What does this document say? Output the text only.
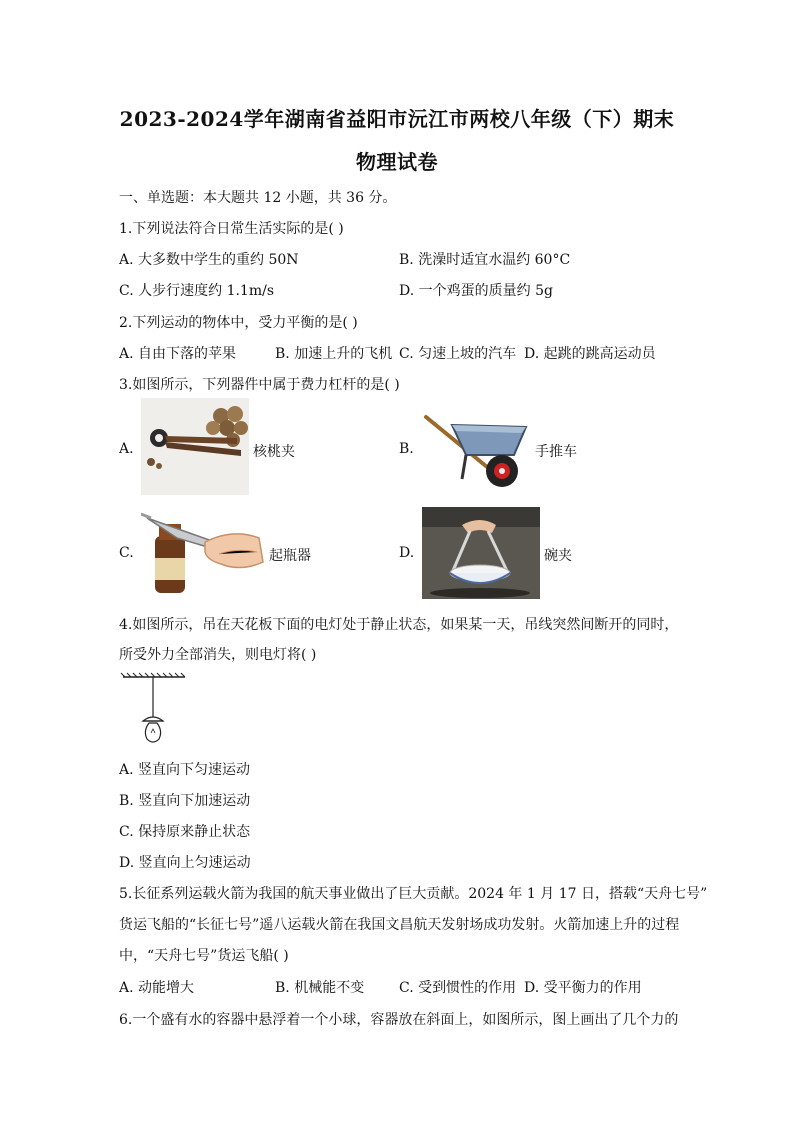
2023-2024学年湖南省益阳市沅江市两校八年级（下）期末
物理试卷
一、单选题：本大题共 12 小题，共 36 分。
1.下列说法符合日常生活实际的是( )
A. 大多数中学生的重约 50N	B. 洗澡时适宜水温约 60°C
C. 人步行速度约 1.1m/s	D. 一个鸡蛋的质量约 5g
2.下列运动的物体中，受力平衡的是( )
A. 自由下落的苹果	B. 加速上升的飞机 C. 匀速上坡的汽车 D. 起跳的跳高运动员
3.如图所示，下列器件中属于费力杠杆的是( )
A.	核桃夹	B.	手推车
C.	起瓶器	D.	碗夹
4.如图所示，吊在天花板下面的电灯处于静止状态，如果某一天，吊线突然间断开的同时，
所受外力全部消失，则电灯将( )
A. 竖直向下匀速运动
B. 竖直向下加速运动
C. 保持原来静止状态
D. 竖直向上匀速运动
5.长征系列运载火箭为我国的航天事业做出了巨大贡献。2024 年 1 月 17 日，搭载“天舟七号”
货运飞船的“长征七号”遥八运载火箭在我国文昌航天发射场成功发射。火箭加速上升的过程
中，“天舟七号”货运飞船( )
A. 动能增大	B. 机械能不变 C. 受到惯性的作用 D. 受平衡力的作用
6.一个盛有水的容器中悬浮着一个小球，容器放在斜面上，如图所示，图上画出了几个力的
